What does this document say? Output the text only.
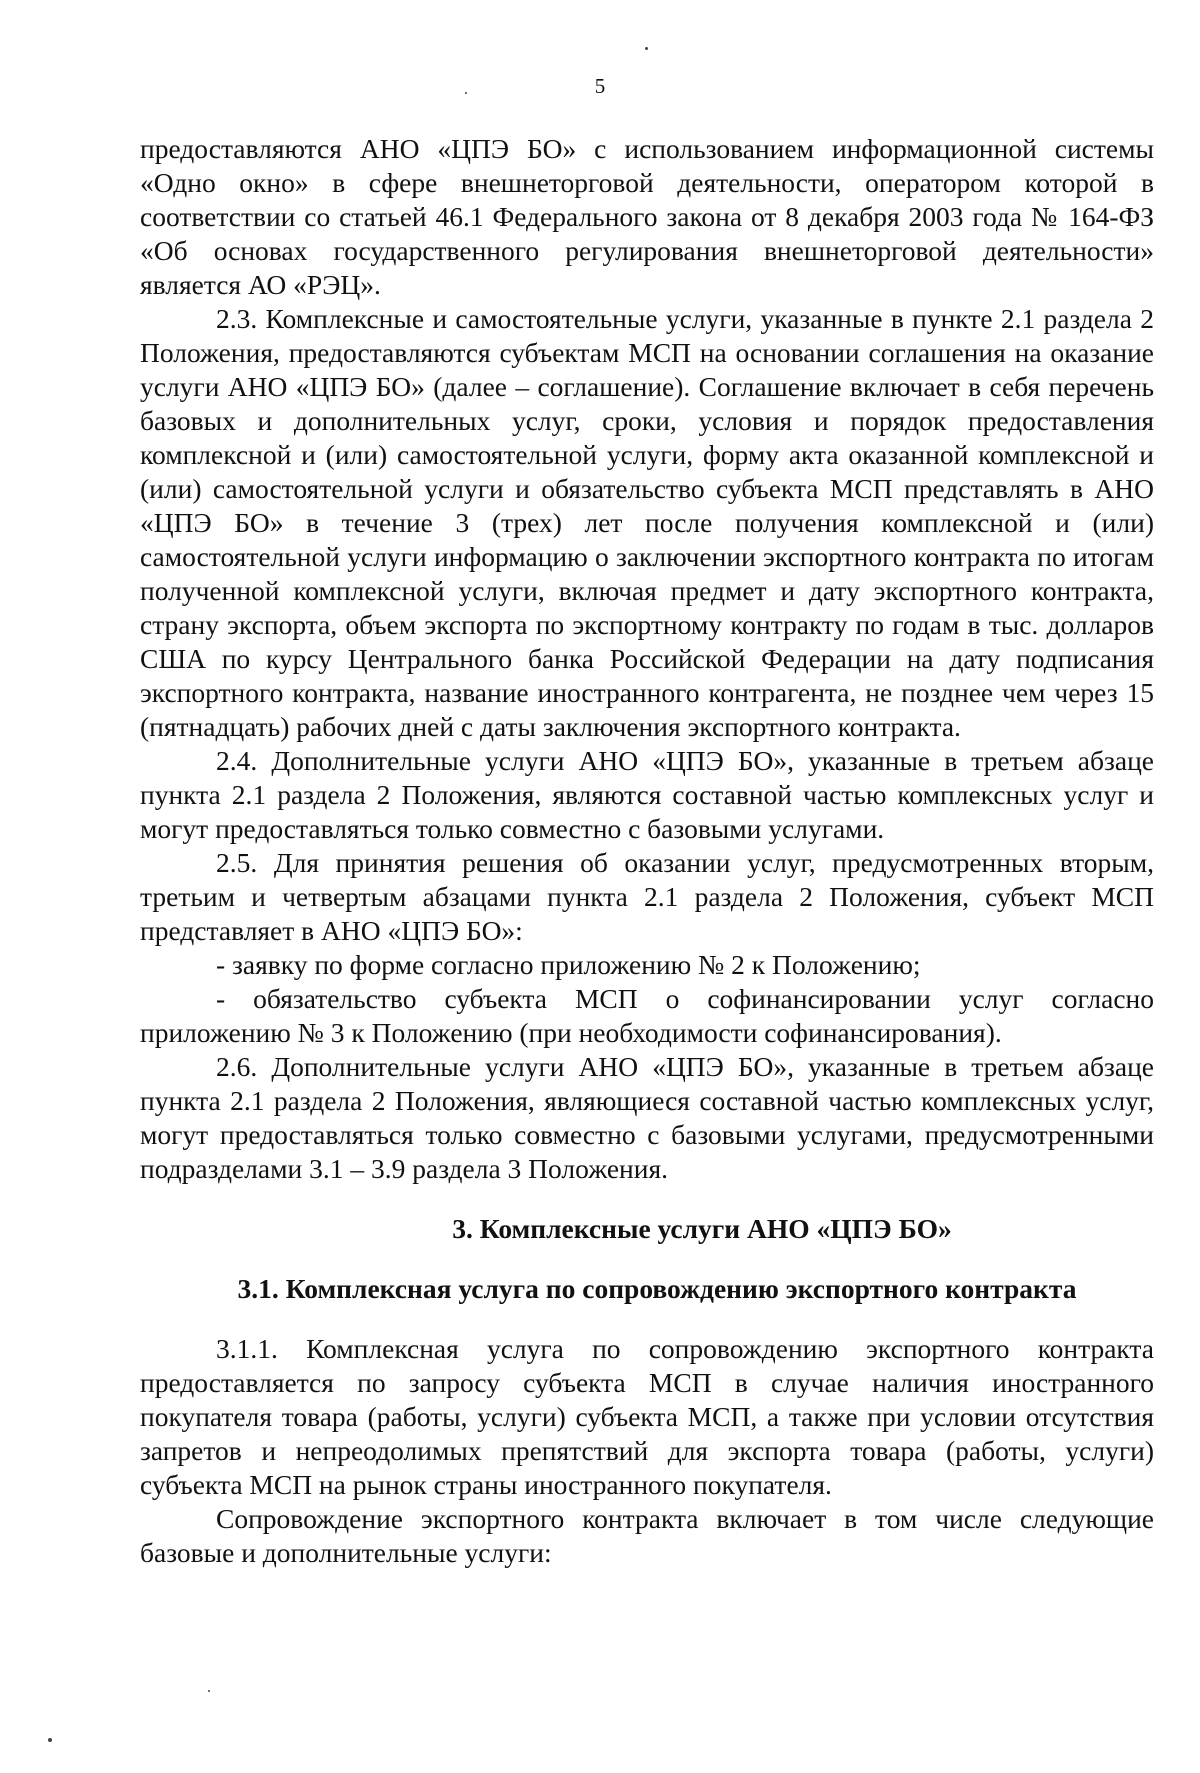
5

предоставляются АНО «ЦПЭ БО» с использованием информационной системы «Одно окно» в сфере внешнеторговой деятельности, оператором которой в соответствии со статьей 46.1 Федерального закона от 8 декабря 2003 года № 164-ФЗ «Об основах государственного регулирования внешнеторговой деятельности» является АО «РЭЦ».

2.3. Комплексные и самостоятельные услуги, указанные в пункте 2.1 раздела 2 Положения, предоставляются субъектам МСП на основании соглашения на оказание услуги АНО «ЦПЭ БО» (далее – соглашение). Соглашение включает в себя перечень базовых и дополнительных услуг, сроки, условия и порядок предоставления комплексной и (или) самостоятельной услуги, форму акта оказанной комплексной и (или) самостоятельной услуги и обязательство субъекта МСП представлять в АНО «ЦПЭ БО» в течение 3 (трех) лет после получения комплексной и (или) самостоятельной услуги информацию о заключении экспортного контракта по итогам полученной комплексной услуги, включая предмет и дату экспортного контракта, страну экспорта, объем экспорта по экспортному контракту по годам в тыс. долларов США по курсу Центрального банка Российской Федерации на дату подписания экспортного контракта, название иностранного контрагента, не позднее чем через 15 (пятнадцать) рабочих дней с даты заключения экспортного контракта.

2.4. Дополнительные услуги АНО «ЦПЭ БО», указанные в третьем абзаце пункта 2.1 раздела 2 Положения, являются составной частью комплексных услуг и могут предоставляться только совместно с базовыми услугами.

2.5. Для принятия решения об оказании услуг, предусмотренных вторым, третьим и четвертым абзацами пункта 2.1 раздела 2 Положения, субъект МСП представляет в АНО «ЦПЭ БО»:

- заявку по форме согласно приложению № 2 к Положению;

- обязательство субъекта МСП о софинансировании услуг согласно приложению № 3 к Положению (при необходимости софинансирования).

2.6. Дополнительные услуги АНО «ЦПЭ БО», указанные в третьем абзаце пункта 2.1 раздела 2 Положения, являющиеся составной частью комплексных услуг, могут предоставляться только совместно с базовыми услугами, предусмотренными подразделами 3.1 – 3.9 раздела 3 Положения.

3. Комплексные услуги АНО «ЦПЭ БО»
3.1. Комплексная услуга по сопровождению экспортного контракта

3.1.1. Комплексная услуга по сопровождению экспортного контракта предоставляется по запросу субъекта МСП в случае наличия иностранного покупателя товара (работы, услуги) субъекта МСП, а также при условии отсутствия запретов и непреодолимых препятствий для экспорта товара (работы, услуги) субъекта МСП на рынок страны иностранного покупателя.

Сопровождение экспортного контракта включает в том числе следующие базовые и дополнительные услуги:
